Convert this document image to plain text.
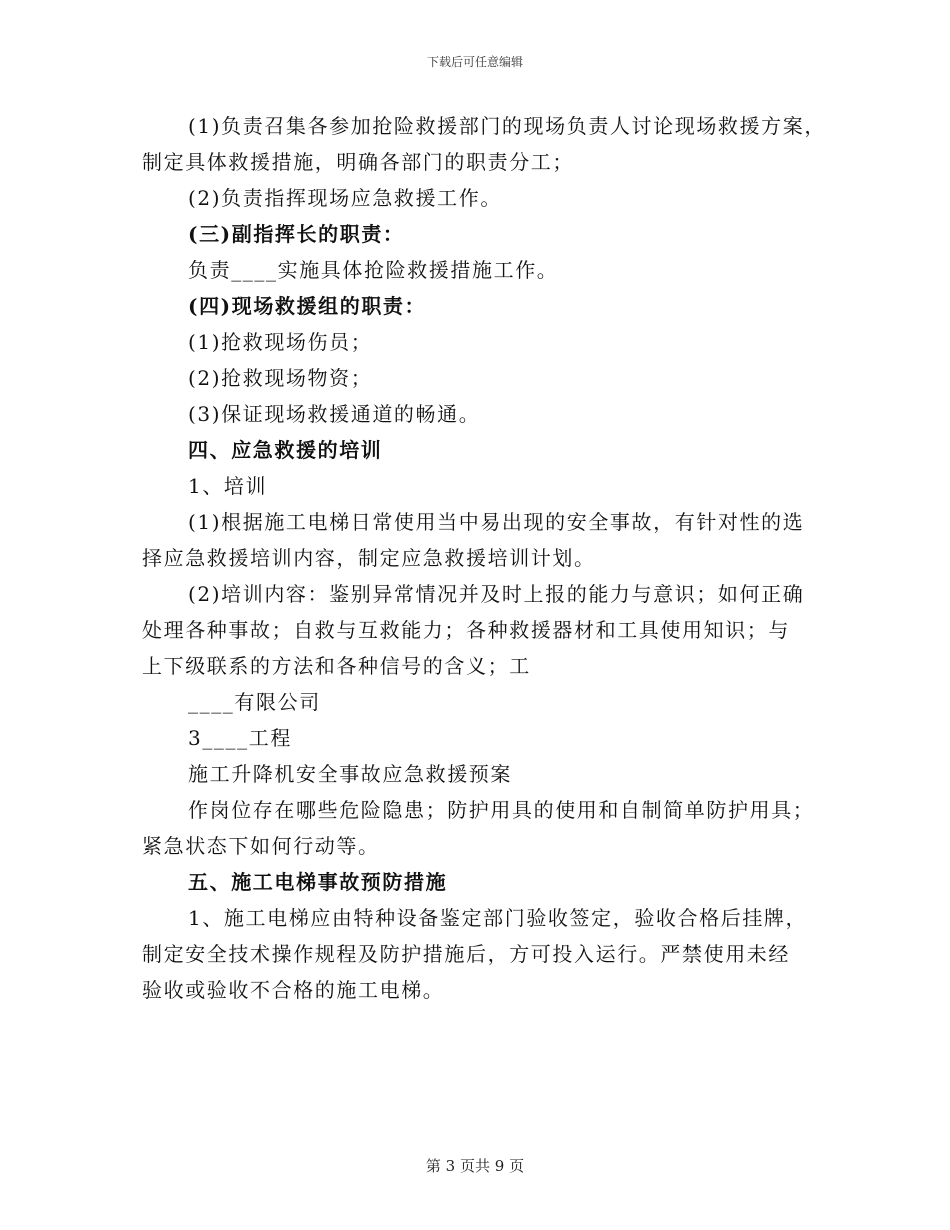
下载后可任意编辑
(1)负责召集各参加抢险救援部门的现场负责人讨论现场救援方案，
制定具体救援措施，明确各部门的职责分工；
(2)负责指挥现场应急救援工作。
(三)副指挥长的职责：
负责____实施具体抢险救援措施工作。
(四)现场救援组的职责：
(1)抢救现场伤员；
(2)抢救现场物资；
(3)保证现场救援通道的畅通。
四、应急救援的培训
1、培训
(1)根据施工电梯日常使用当中易出现的安全事故，有针对性的选
择应急救援培训内容，制定应急救援培训计划。
(2)培训内容：鉴别异常情况并及时上报的能力与意识；如何正确
处理各种事故；自救与互救能力；各种救援器材和工具使用知识；与
上下级联系的方法和各种信号的含义；工
____有限公司
3____工程
施工升降机安全事故应急救援预案
作岗位存在哪些危险隐患；防护用具的使用和自制简单防护用具；
紧急状态下如何行动等。
五、施工电梯事故预防措施
1、施工电梯应由特种设备鉴定部门验收签定，验收合格后挂牌，
制定安全技术操作规程及防护措施后，方可投入运行。严禁使用未经
验收或验收不合格的施工电梯。
第 3 页共 9 页
